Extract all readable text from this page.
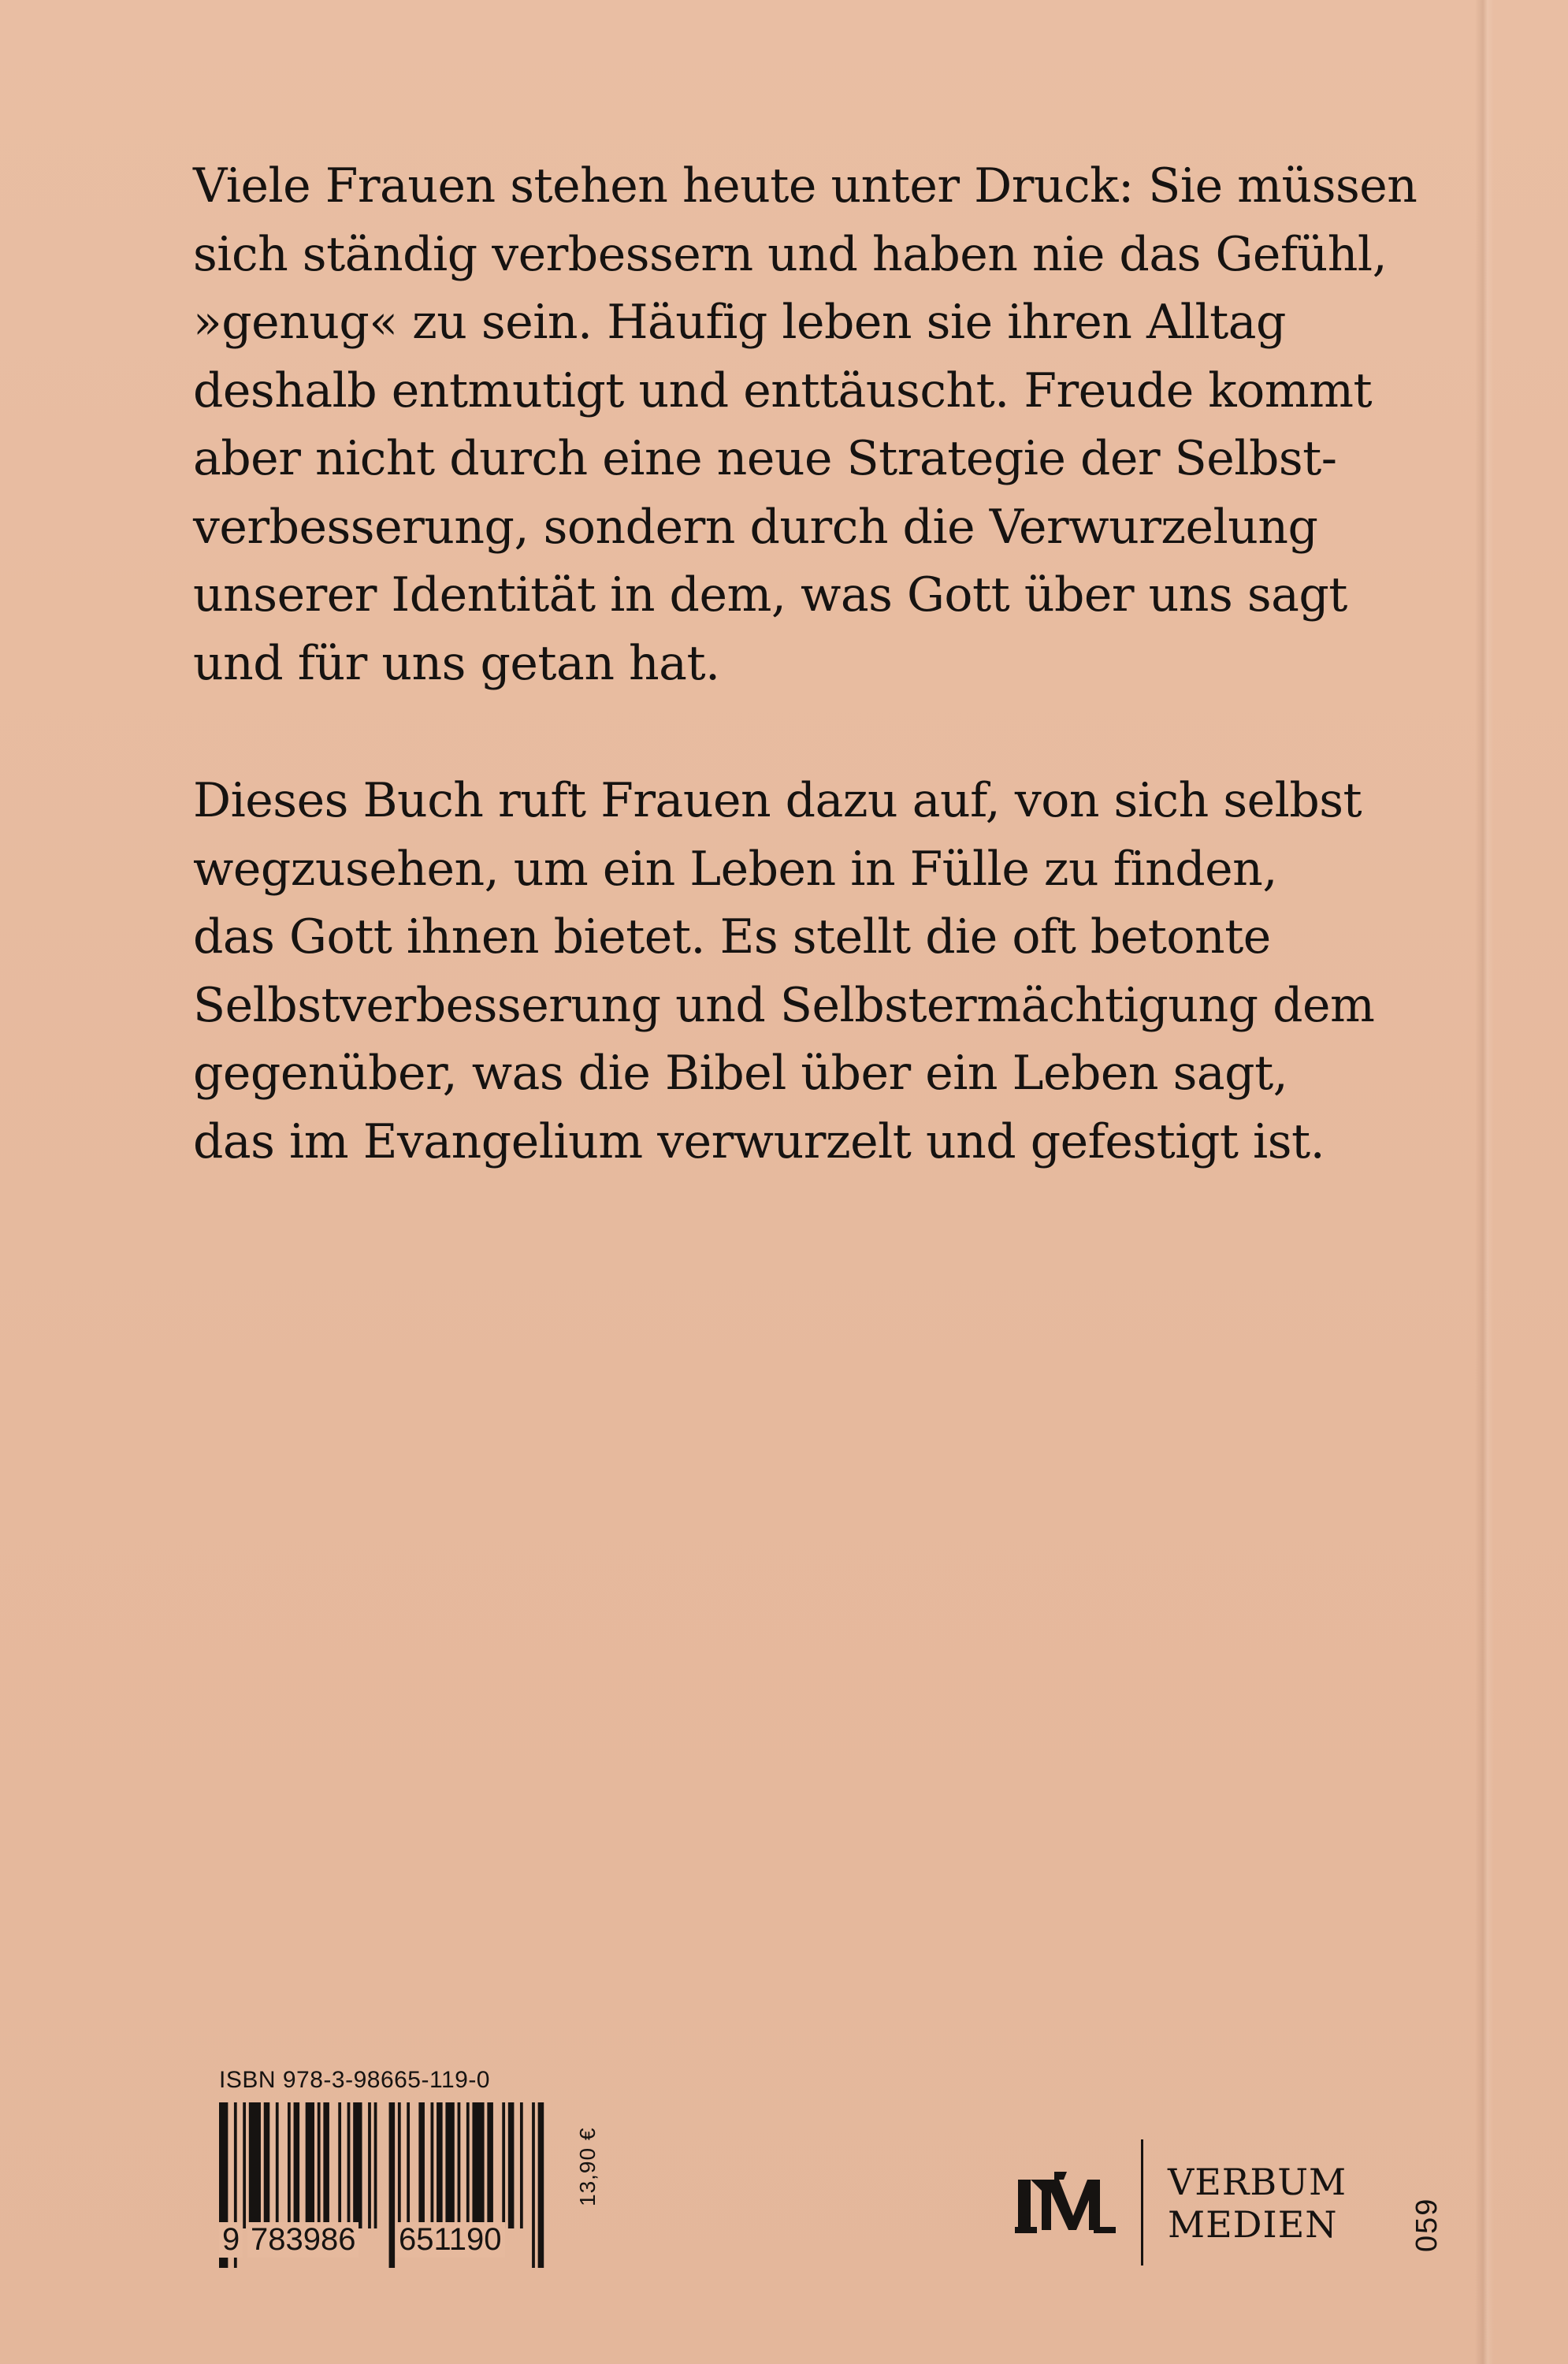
Viele Frauen stehen heute unter Druck: Sie müssen
sich ständig verbessern und haben nie das Gefühl,
»genug« zu sein. Häufig leben sie ihren Alltag
deshalb entmutigt und enttäuscht. Freude kommt
aber nicht durch eine neue Strategie der Selbst-
verbesserung, sondern durch die Verwurzelung
unserer Identität in dem, was Gott über uns sagt
und für uns getan hat.

Dieses Buch ruft Frauen dazu auf, von sich selbst
wegzusehen, um ein Leben in Fülle zu finden,
das Gott ihnen bietet. Es stellt die oft betonte
Selbstverbesserung und Selbstermächtigung dem
gegenüber, was die Bibel über ein Leben sagt,
das im Evangelium verwurzelt und gefestigt ist.

ISBN 978-3-98665-119-0
9 783986 651190
13,90 €	VERBUM
MEDIEN	059
